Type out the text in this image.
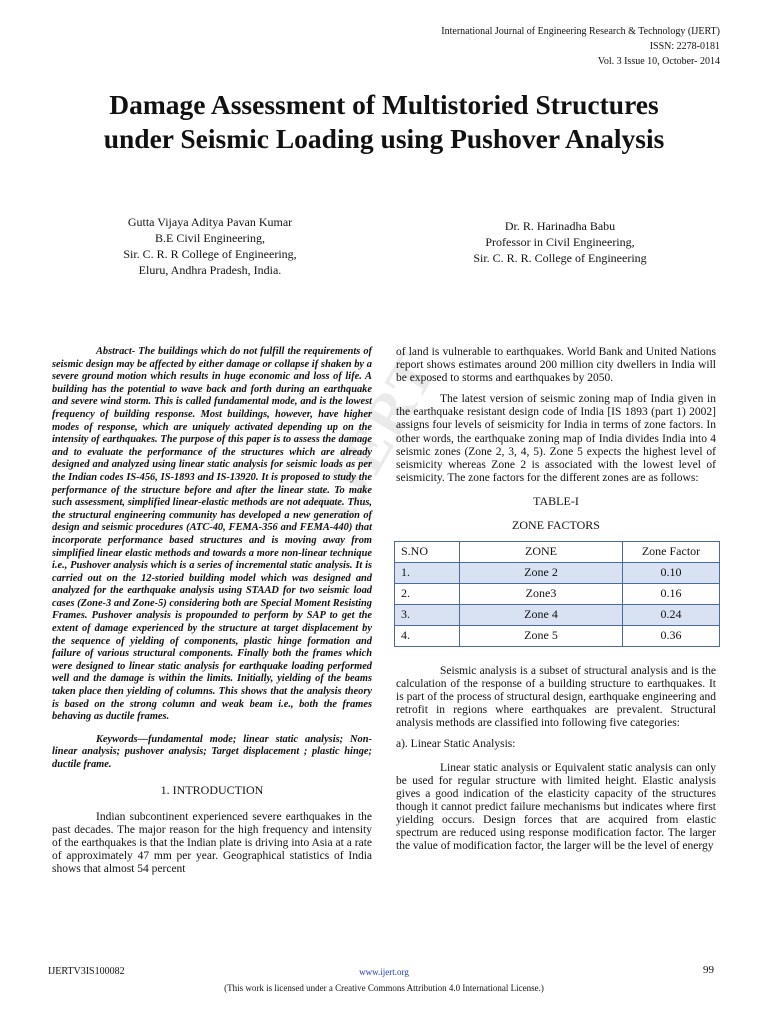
International Journal of Engineering Research & Technology (IJERT)
ISSN: 2278-0181
Vol. 3 Issue 10, October- 2014
Damage Assessment of Multistoried Structures
under Seismic Loading using Pushover Analysis
Gutta Vijaya Aditya Pavan Kumar
B.E Civil Engineering,
Sir. C. R. R College of Engineering,
Eluru, Andhra Pradesh, India.
Dr. R. Harinadha Babu
Professor in Civil Engineering,
Sir. C. R. R. College of Engineering
IJERT

Abstract- The buildings which do not fulfill the requirements of seismic design may be affected by either damage or collapse if shaken by a severe ground motion which results in huge economic and loss of life. A building has the potential to wave back and forth during an earthquake and severe wind storm. This is called fundamental mode, and is the lowest frequency of building response. Most buildings, however, have higher modes of response, which are uniquely activated depending up on the intensity of earthquakes. The purpose of this paper is to assess the damage and to evaluate the performance of the structures which are already designed and analyzed using linear static analysis for seismic loads as per the Indian codes IS-456, IS-1893 and IS-13920. It is proposed to study the performance of the structure before and after the linear state. To make such assessment, simplified linear-elastic methods are not adequate. Thus, the structural engineering community has developed a new generation of design and seismic procedures (ATC-40, FEMA-356 and FEMA-440) that incorporate performance based structures and is moving away from simplified linear elastic methods and towards a more non-linear technique i.e., Pushover analysis which is a series of incremental static analysis. It is carried out on the 12-storied building model which was designed and analyzed for the earthquake analysis using STAAD for two seismic load cases (Zone-3 and Zone-5) considering both are Special Moment Resisting Frames. Pushover analysis is propounded to perform by SAP to get the extent of damage experienced by the structure at target displacement by the sequence of yielding of components, plastic hinge formation and failure of various structural components. Finally both the frames which were designed to linear static analysis for earthquake loading performed well and the damage is within the limits. Initially, yielding of the beams taken place then yielding of columns. This shows that the analysis theory is based on the strong column and weak beam i.e., both the frames behaving as ductile frames.

Keywords—fundamental mode; linear static analysis; Non-linear analysis; pushover analysis; Target displacement ; plastic hinge; ductile frame.

1. INTRODUCTION

Indian subcontinent experienced severe earthquakes in the past decades. The major reason for the high frequency and intensity of the earthquakes is that the Indian plate is driving into Asia at a rate of approximately 47 mm per year. Geographical statistics of India shows that almost 54 percent

of land is vulnerable to earthquakes. World Bank and United Nations report shows estimates around 200 million city dwellers in India will be exposed to storms and earthquakes by 2050.

The latest version of seismic zoning map of India given in the earthquake resistant design code of India [IS 1893 (part 1) 2002] assigns four levels of seismicity for India in terms of zone factors. In other words, the earthquake zoning map of India divides India into 4 seismic zones (Zone 2, 3, 4, 5). Zone 5 expects the highest level of seismicity whereas Zone 2 is associated with the lowest level of seismicity. The zone factors for the different zones are as follows:

TABLE-I
ZONE FACTORS
S.NO	ZONE	Zone Factor
1.	Zone 2	0.10
2.	Zone3	0.16
3.	Zone 4	0.24
4.	Zone 5	0.36

Seismic analysis is a subset of structural analysis and is the calculation of the response of a building structure to earthquakes. It is part of the process of structural design, earthquake engineering and retrofit in regions where earthquakes are prevalent. Structural analysis methods are classified into following five categories:

a). Linear Static Analysis:

Linear static analysis or Equivalent static analysis can only be used for regular structure with limited height. Elastic analysis gives a good indication of the elasticity capacity of the structures though it cannot predict failure mechanisms but indicates where first yielding occurs. Design forces that are acquired from elastic spectrum are reduced using response modification factor. The larger the value of modification factor, the larger will be the level of energy

IJERTV3IS100082	www.ijert.org	99
(This work is licensed under a Creative Commons Attribution 4.0 International License.)
